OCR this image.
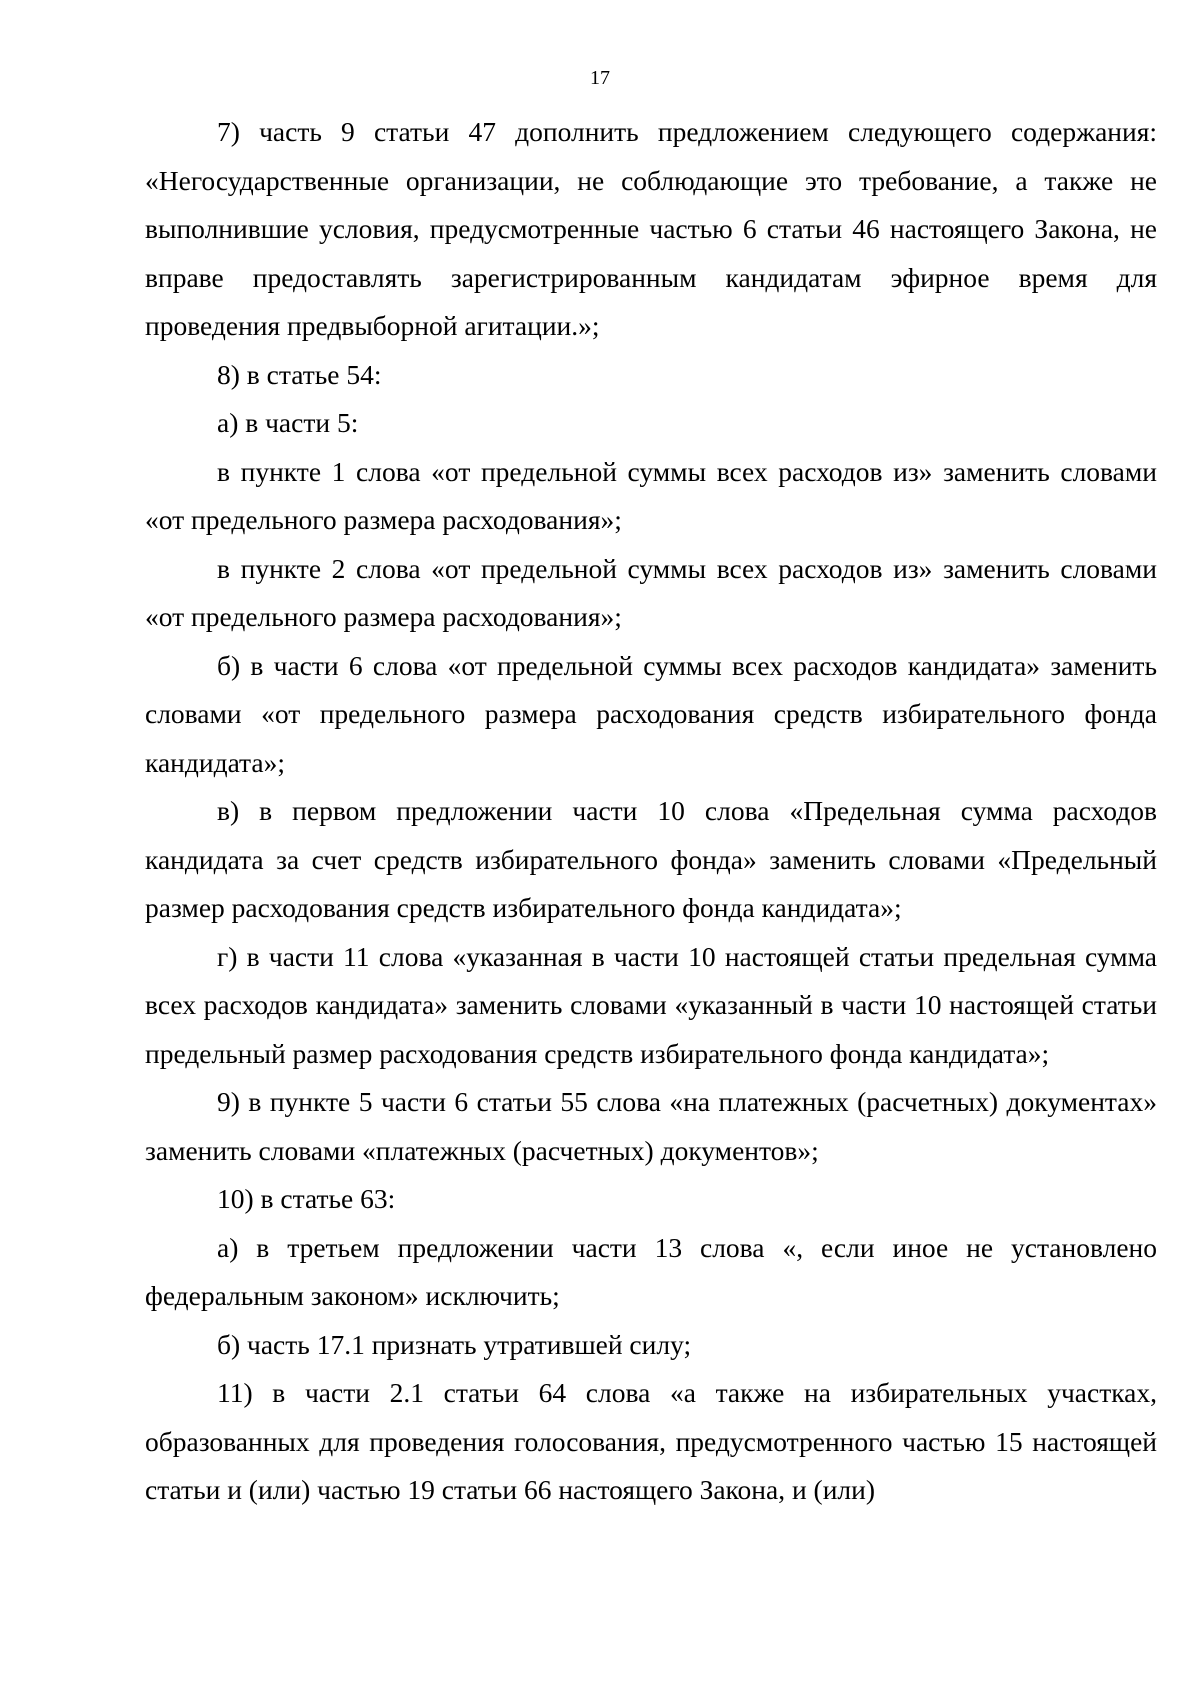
17

7) часть 9 статьи 47 дополнить предложением следующего содержания: «Негосударственные организации, не соблюдающие это требование, а также не выполнившие условия, предусмотренные частью 6 статьи 46 настоящего Закона, не вправе предоставлять зарегистрированным кандидатам эфирное время для проведения предвыборной агитации.»;

8) в статье 54:

а) в части 5:

в пункте 1 слова «от предельной суммы всех расходов из» заменить словами «от предельного размера расходования»;

в пункте 2 слова «от предельной суммы всех расходов из» заменить словами «от предельного размера расходования»;

б) в части 6 слова «от предельной суммы всех расходов кандидата» заменить словами «от предельного размера расходования средств избирательного фонда кандидата»;

в) в первом предложении части 10 слова «Предельная сумма расходов кандидата за счет средств избирательного фонда» заменить словами «Предельный размер расходования средств избирательного фонда кандидата»;

г) в части 11 слова «указанная в части 10 настоящей статьи предельная сумма всех расходов кандидата» заменить словами «указанный в части 10 настоящей статьи предельный размер расходования средств избирательного фонда кандидата»;

9) в пункте 5 части 6 статьи 55 слова «на платежных (расчетных) документах» заменить словами «платежных (расчетных) документов»;

10) в статье 63:

а) в третьем предложении части 13 слова «, если иное не установлено федеральным законом» исключить;

б) часть 17.1 признать утратившей силу;

11) в части 2.1 статьи 64 слова «а также на избирательных участках, образованных для проведения голосования, предусмотренного частью 15 настоящей статьи и (или) частью 19 статьи 66 настоящего Закона, и (или)
